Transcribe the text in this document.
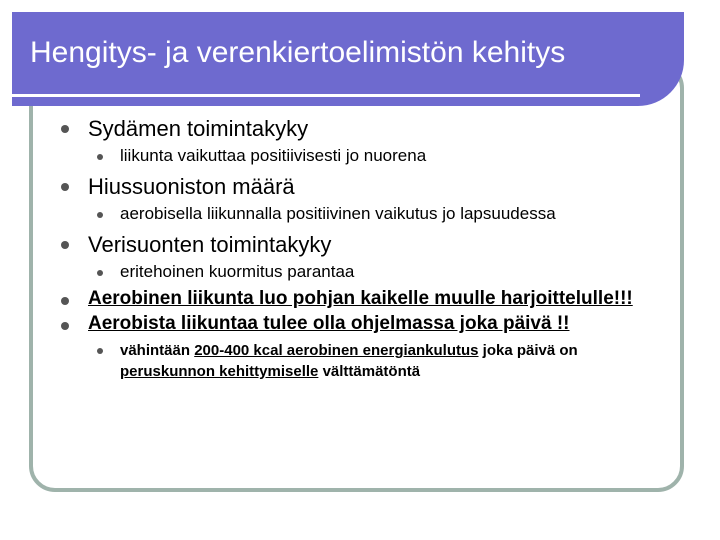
Hengitys- ja verenkiertoelimistön kehitys
Sydämen toimintakyky
liikunta vaikuttaa positiivisesti jo nuorena
Hiussuoniston määrä
aerobisella liikunnalla positiivinen vaikutus jo lapsuudessa
Verisuonten toimintakyky
eritehoinen kuormitus parantaa
Aerobinen liikunta luo pohjan kaikelle muulle harjoittelulle!!!
Aerobista liikuntaa tulee olla ohjelmassa joka päivä !!
vähintään 200-400 kcal aerobinen energiankulutus joka päivä on
peruskunnon kehittymiselle välttämätöntä
